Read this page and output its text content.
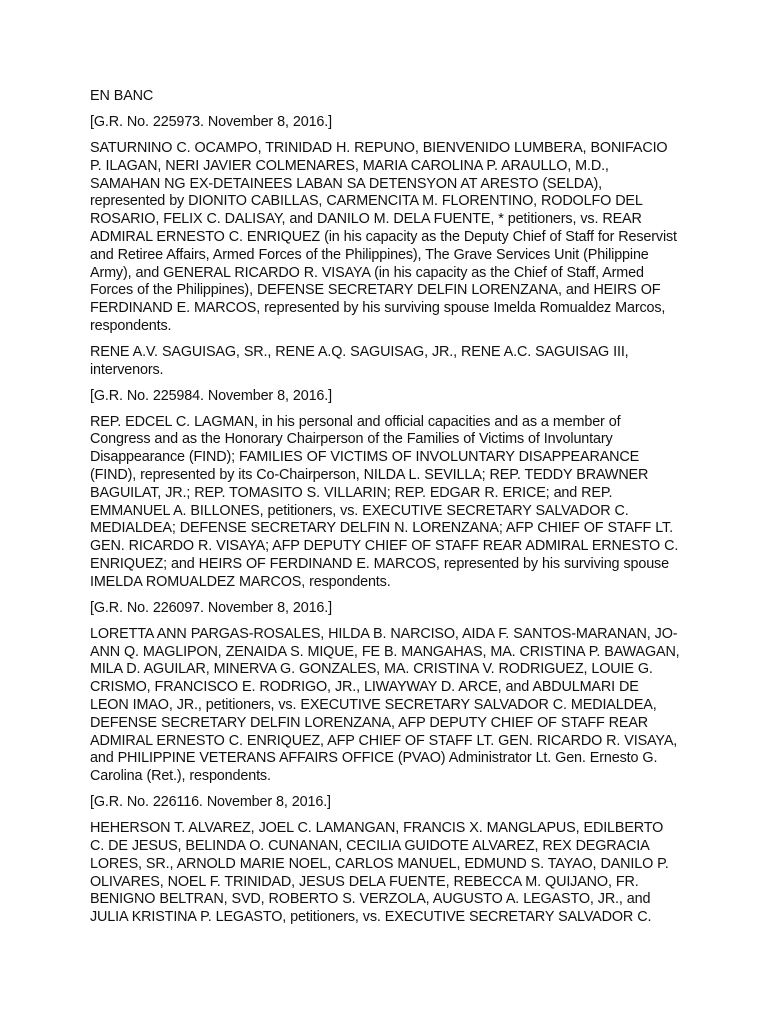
EN BANC

[G.R. No. 225973. November 8, 2016.]

SATURNINO C. OCAMPO, TRINIDAD H. REPUNO, BIENVENIDO LUMBERA, BONIFACIO P. ILAGAN, NERI JAVIER COLMENARES, MARIA CAROLINA P. ARAULLO, M.D., SAMAHAN NG EX-DETAINEES LABAN SA DETENSYON AT ARESTO (SELDA), represented by DIONITO CABILLAS, CARMENCITA M. FLORENTINO, RODOLFO DEL ROSARIO, FELIX C. DALISAY, and DANILO M. DELA FUENTE, * petitioners, vs. REAR ADMIRAL ERNESTO C. ENRIQUEZ (in his capacity as the Deputy Chief of Staff for Reservist and Retiree Affairs, Armed Forces of the Philippines), The Grave Services Unit (Philippine Army), and GENERAL RICARDO R. VISAYA (in his capacity as the Chief of Staff, Armed Forces of the Philippines), DEFENSE SECRETARY DELFIN LORENZANA, and HEIRS OF FERDINAND E. MARCOS, represented by his surviving spouse Imelda Romualdez Marcos, respondents.

RENE A.V. SAGUISAG, SR., RENE A.Q. SAGUISAG, JR., RENE A.C. SAGUISAG III, intervenors.

[G.R. No. 225984. November 8, 2016.]

REP. EDCEL C. LAGMAN, in his personal and official capacities and as a member of Congress and as the Honorary Chairperson of the Families of Victims of Involuntary Disappearance (FIND); FAMILIES OF VICTIMS OF INVOLUNTARY DISAPPEARANCE (FIND), represented by its Co-Chairperson, NILDA L. SEVILLA; REP. TEDDY BRAWNER BAGUILAT, JR.; REP. TOMASITO S. VILLARIN; REP. EDGAR R. ERICE; and REP. EMMANUEL A. BILLONES, petitioners, vs. EXECUTIVE SECRETARY SALVADOR C. MEDIALDEA; DEFENSE SECRETARY DELFIN N. LORENZANA; AFP CHIEF OF STAFF LT. GEN. RICARDO R. VISAYA; AFP DEPUTY CHIEF OF STAFF REAR ADMIRAL ERNESTO C. ENRIQUEZ; and HEIRS OF FERDINAND E. MARCOS, represented by his surviving spouse IMELDA ROMUALDEZ MARCOS, respondents.

[G.R. No. 226097. November 8, 2016.]

LORETTA ANN PARGAS-ROSALES, HILDA B. NARCISO, AIDA F. SANTOS-MARANAN, JO-ANN Q. MAGLIPON, ZENAIDA S. MIQUE, FE B. MANGAHAS, MA. CRISTINA P. BAWAGAN, MILA D. AGUILAR, MINERVA G. GONZALES, MA. CRISTINA V. RODRIGUEZ, LOUIE G. CRISMO, FRANCISCO E. RODRIGO, JR., LIWAYWAY D. ARCE, and ABDULMARI DE LEON IMAO, JR., petitioners, vs. EXECUTIVE SECRETARY SALVADOR C. MEDIALDEA, DEFENSE SECRETARY DELFIN LORENZANA, AFP DEPUTY CHIEF OF STAFF REAR ADMIRAL ERNESTO C. ENRIQUEZ, AFP CHIEF OF STAFF LT. GEN. RICARDO R. VISAYA, and PHILIPPINE VETERANS AFFAIRS OFFICE (PVAO) Administrator Lt. Gen. Ernesto G. Carolina (Ret.), respondents.

[G.R. No. 226116. November 8, 2016.]

HEHERSON T. ALVAREZ, JOEL C. LAMANGAN, FRANCIS X. MANGLAPUS, EDILBERTO C. DE JESUS, BELINDA O. CUNANAN, CECILIA GUIDOTE ALVAREZ, REX DEGRACIA LORES, SR., ARNOLD MARIE NOEL, CARLOS MANUEL, EDMUND S. TAYAO, DANILO P. OLIVARES, NOEL F. TRINIDAD, JESUS DELA FUENTE, REBECCA M. QUIJANO, FR. BENIGNO BELTRAN, SVD, ROBERTO S. VERZOLA, AUGUSTO A. LEGASTO, JR., and JULIA KRISTINA P. LEGASTO, petitioners, vs. EXECUTIVE SECRETARY SALVADOR C.
